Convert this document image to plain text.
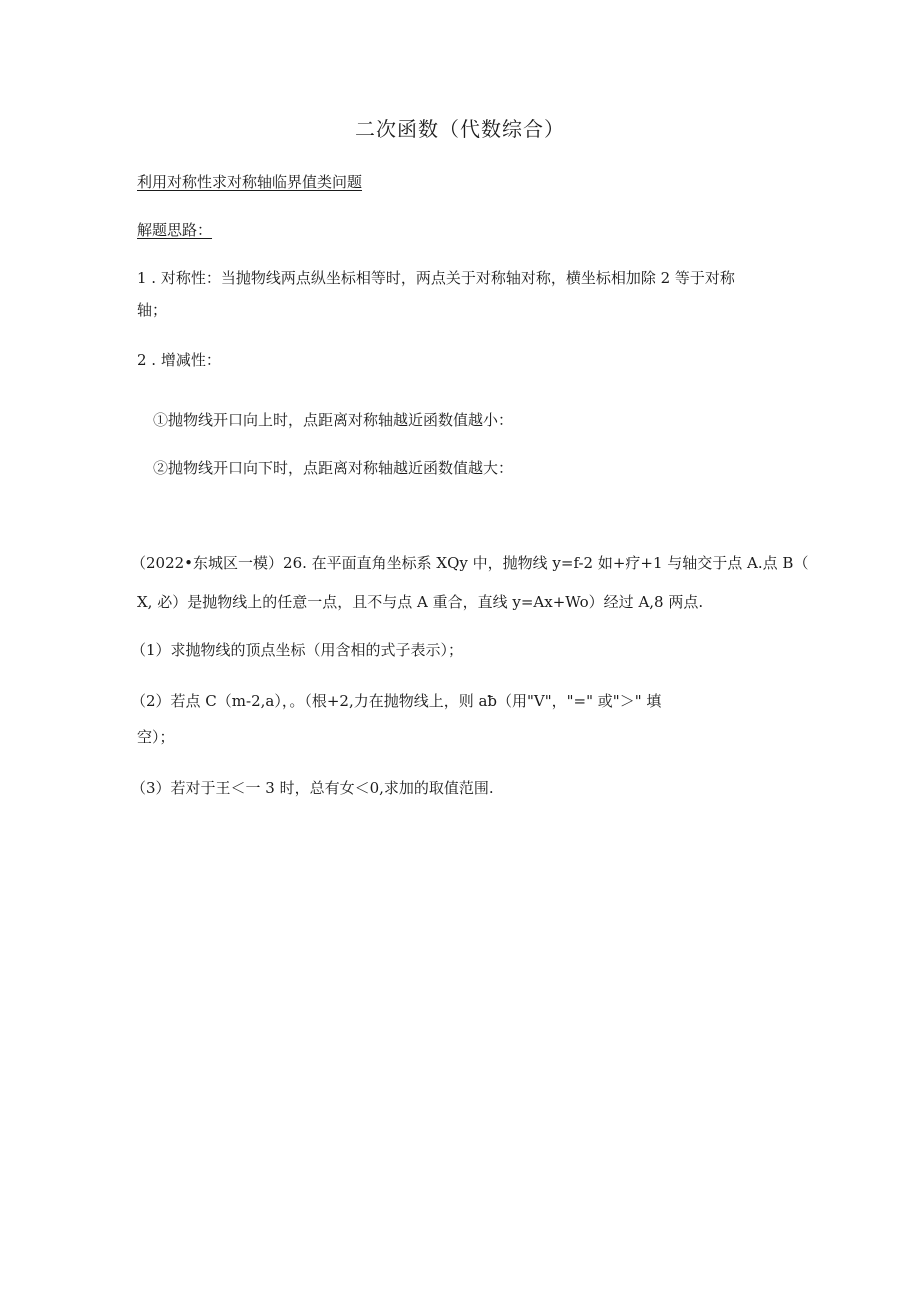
二次函数（代数综合）
利用对称性求对称轴临界值类问题
解题思路：
1 . 对称性：当抛物线两点纵坐标相等时，两点关于对称轴对称，横坐标相加除 2 等于对称
轴；
2 . 增减性：
①抛物线开口向上时，点距离对称轴越近函数值越小：
②抛物线开口向下时，点距离对称轴越近函数值越大：
（2022•东城区一模）26. 在平面直角坐标系 XQy 中，抛物线 y=f-2 如+疗+1 与轴交于点 A.点 B（
X, 必）是抛物线上的任意一点，且不与点 A 重合，直线 y=Ax+Wo）经过 A,8 两点.
（1）求抛物线的顶点坐标（用含相的式子表示）；
（2）若点 C（m-2,a），。（根+2,力在抛物线上，则 aƀ（用"V"，"=" 或"＞" 填
空）；
（3）若对于王＜一 3 时，总有女＜0,求加的取值范围.
